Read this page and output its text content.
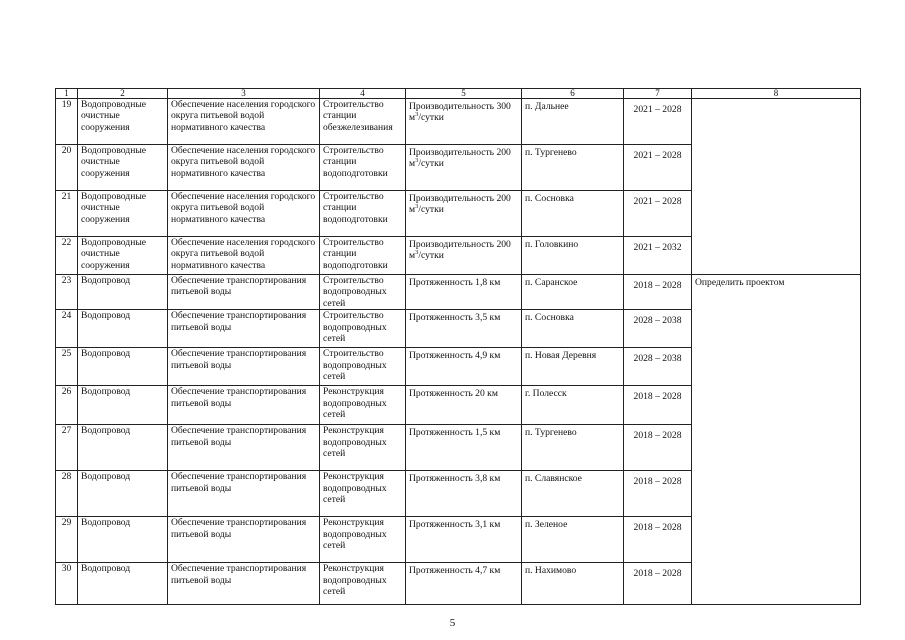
1	2	3	4	5	6	7	8
19	Водопроводные очистные сооружения	Обеспечение населения городского округа питьевой водой нормативного качества	Строительство станции обезжелезивания	Производительность 300 $м^3$/сутки	п. Дальнее	2021 – 2028	
20	Водопроводные очистные сооружения	Обеспечение населения городского округа питьевой водой нормативного качества	Строительство станции водоподготовки	Производительность 200 $м^3$/сутки	п. Тургенево	2021 – 2028	
21	Водопроводные очистные сооружения	Обеспечение населения городского округа питьевой водой нормативного качества	Строительство станции водоподготовки	Производительность 200 $м^3$/сутки	п. Сосновка	2021 – 2028	
22	Водопроводные очистные сооружения	Обеспечение населения городского округа питьевой водой нормативного качества	Строительство станции водоподготовки	Производительность 200 $м^3$/сутки	п. Головкино	2021 – 2032	
23	Водопровод	Обеспечение транспортирования питьевой воды	Строительство водопроводных сетей	Протяженность 1,8 км	п. Саранское	2018 – 2028	Определить проектом
24	Водопровод	Обеспечение транспортирования питьевой воды	Строительство водопроводных сетей	Протяженность 3,5 км	п. Сосновка	2028 – 2038	
25	Водопровод	Обеспечение транспортирования питьевой воды	Строительство водопроводных сетей	Протяженность 4,9 км	п. Новая Деревня	2028 – 2038	
26	Водопровод	Обеспечение транспортирования питьевой воды	Реконструкция водопроводных сетей	Протяженность 20 км	г. Полесск	2018 – 2028	
27	Водопровод	Обеспечение транспортирования питьевой воды	Реконструкция водопроводных сетей	Протяженность 1,5 км	п. Тургенево	2018 – 2028	
28	Водопровод	Обеспечение транспортирования питьевой воды	Реконструкция водопроводных сетей	Протяженность 3,8 км	п. Славянское	2018 – 2028	
29	Водопровод	Обеспечение транспортирования питьевой воды	Реконструкция водопроводных сетей	Протяженность 3,1 км	п. Зеленое	2018 – 2028	
30	Водопровод	Обеспечение транспортирования питьевой воды	Реконструкция водопроводных сетей	Протяженность 4,7 км	п. Нахимово	2018 – 2028	
5
